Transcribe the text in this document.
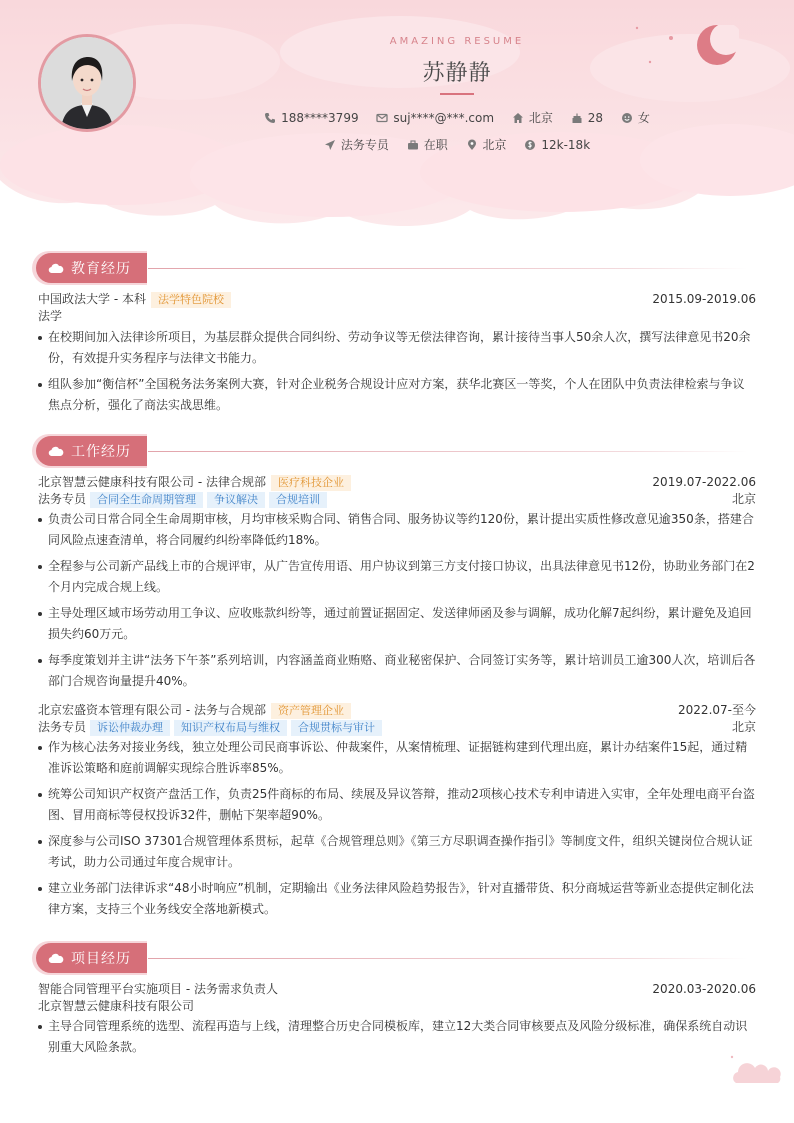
AMAZING RESUME
苏静静
188****3799	suj****@***.com	北京	28	女
法务专员	在职	北京	12k-18k
教育经历
中国政法大学 - 本科	法学特色院校	2015.09-2019.06
法学
在校期间加入法律诊所项目，为基层群众提供合同纠纷、劳动争议等无偿法律咨询，累计接待当事人50余人次，撰写法律意见书20余份，有效提升实务程序与法律文书能力。
组队参加“衡信杯”全国税务法务案例大赛，针对企业税务合规设计应对方案，获华北赛区一等奖，个人在团队中负责法律检索与争议焦点分析，强化了商法实战思维。
工作经历
北京智慧云健康科技有限公司 - 法律合规部	医疗科技企业	2019.07-2022.06
法务专员	合同全生命周期管理	争议解决	合规培训	北京
负责公司日常合同全生命周期审核，月均审核采购合同、销售合同、服务协议等约120份，累计提出实质性修改意见逾350条，搭建合同风险点速查清单，将合同履约纠纷率降低约18%。
全程参与公司新产品线上市的合规评审，从广告宣传用语、用户协议到第三方支付接口协议，出具法律意见书12份，协助业务部门在2个月内完成合规上线。
主导处理区域市场劳动用工争议、应收账款纠纷等，通过前置证据固定、发送律师函及参与调解，成功化解7起纠纷，累计避免及追回损失约60万元。
每季度策划并主讲“法务下午茶”系列培训，内容涵盖商业贿赂、商业秘密保护、合同签订实务等，累计培训员工逾300人次，培训后各部门合规咨询量提升40%。
北京宏盛资本管理有限公司 - 法务与合规部	资产管理企业	2022.07-至今
法务专员	诉讼仲裁办理	知识产权布局与维权	合规贯标与审计	北京
作为核心法务对接业务线，独立处理公司民商事诉讼、仲裁案件，从案情梳理、证据链构建到代理出庭，累计办结案件15起，通过精准诉讼策略和庭前调解实现综合胜诉率85%。
统筹公司知识产权资产盘活工作，负责25件商标的布局、续展及异议答辩，推动2项核心技术专利申请进入实审，全年处理电商平台盗图、冒用商标等侵权投诉32件，删帖下架率超90%。
深度参与公司ISO 37301合规管理体系贯标，起草《合规管理总则》《第三方尽职调查操作指引》等制度文件，组织关键岗位合规认证考试，助力公司通过年度合规审计。
建立业务部门法律诉求“48小时响应”机制，定期输出《业务法律风险趋势报告》，针对直播带货、积分商城运营等新业态提供定制化法律方案，支持三个业务线安全落地新模式。
项目经历
智能合同管理平台实施项目 - 法务需求负责人	2020.03-2020.06
北京智慧云健康科技有限公司
主导合同管理系统的选型、流程再造与上线，清理整合历史合同模板库，建立12大类合同审核要点及风险分级标准，确保系统自动识别重大风险条款。
